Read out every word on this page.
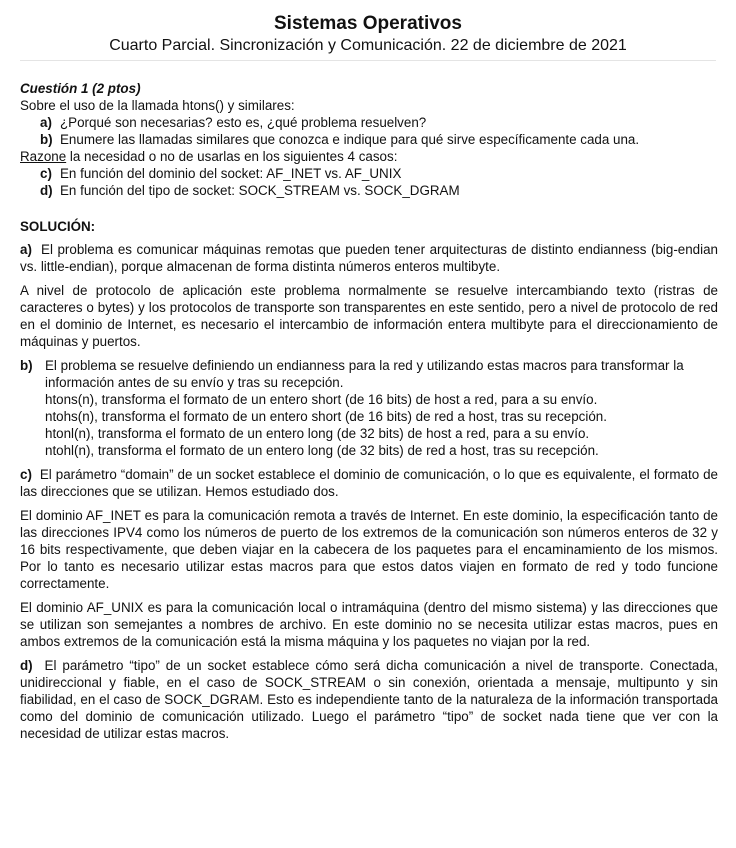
Sistemas Operativos
Cuarto Parcial. Sincronización y Comunicación. 22 de diciembre de 2021

Cuestión 1 (2 ptos)

Sobre el uso de la llamada htons() y similares:

a) ¿Porqué son necesarias? esto es, ¿qué problema resuelven?
b) Enumere las llamadas similares que conozca e indique para qué sirve específicamente cada una.

Razone la necesidad o no de usarlas en los siguientes 4 casos:

c) En función del dominio del socket: AF_INET vs. AF_UNIX
d) En función del tipo de socket: SOCK_STREAM vs. SOCK_DGRAM

SOLUCIÓN:

a) El problema es comunicar máquinas remotas que pueden tener arquitecturas de distinto endianness (big-endian vs. little-endian), porque almacenan de forma distinta números enteros multibyte.

A nivel de protocolo de aplicación este problema normalmente se resuelve intercambiando texto (ristras de caracteres o bytes) y los protocolos de transporte son transparentes en este sentido, pero a nivel de protocolo de red en el dominio de Internet, es necesario el intercambio de información entera multibyte para el direccionamiento de máquinas y puertos.

b) El problema se resuelve definiendo un endianness para la red y utilizando estas macros para transformar la información antes de su envío y tras su recepción.
htons(n), transforma el formato de un entero short (de 16 bits) de host a red, para a su envío.
ntohs(n), transforma el formato de un entero short (de 16 bits) de red a host, tras su recepción.
htonl(n), transforma el formato de un entero long (de 32 bits) de host a red, para a su envío.
ntohl(n), transforma el formato de un entero long (de 32 bits) de red a host, tras su recepción.

c) El parámetro “domain” de un socket establece el dominio de comunicación, o lo que es equivalente, el formato de las direcciones que se utilizan. Hemos estudiado dos.

El dominio AF_INET es para la comunicación remota a través de Internet. En este dominio, la especificación tanto de las direcciones IPV4 como los números de puerto de los extremos de la comunicación son números enteros de 32 y 16 bits respectivamente, que deben viajar en la cabecera de los paquetes para el encaminamiento de los mismos. Por lo tanto es necesario utilizar estas macros para que estos datos viajen en formato de red y todo funcione correctamente.

El dominio AF_UNIX es para la comunicación local o intramáquina (dentro del mismo sistema) y las direcciones que se utilizan son semejantes a nombres de archivo. En este dominio no se necesita utilizar estas macros, pues en ambos extremos de la comunicación está la misma máquina y los paquetes no viajan por la red.

d) El parámetro “tipo” de un socket establece cómo será dicha comunicación a nivel de transporte. Conectada, unidireccional y fiable, en el caso de SOCK_STREAM o sin conexión, orientada a mensaje, multipunto y sin fiabilidad, en el caso de SOCK_DGRAM. Esto es independiente tanto de la naturaleza de la información transportada como del dominio de comunicación utilizado. Luego el parámetro “tipo” de socket nada tiene que ver con la necesidad de utilizar estas macros.
